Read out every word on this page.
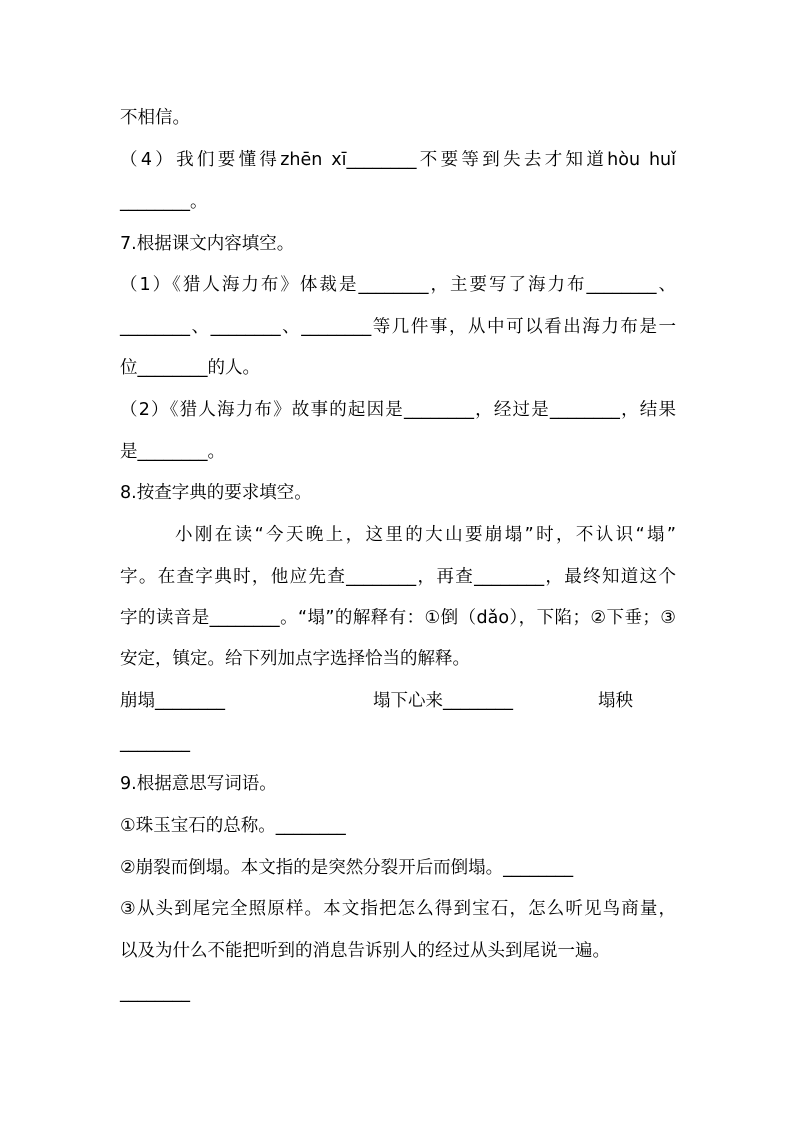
不相信。
（4）我们要懂得zhēn xī________不要等到失去才知道hòu huǐ
________。
7.根据课文内容填空。
（1）《猎人海力布》体裁是________，主要写了海力布________、
________、________、________等几件事，从中可以看出海力布是一
位________的人。
（2）《猎人海力布》故事的起因是________，经过是________，结果
是________。
8.按查字典的要求填空。
小刚在读“今天晚上，这里的大山要崩塌”时，不认识“塌”
字。在查字典时，他应先查________，再查________，最终知道这个
字的读音是________。“塌”的解释有：①倒（dǎo），下陷；②下垂；③
安定，镇定。给下列加点字选择恰当的解释。
崩塌________	塌下心来________	塌秧
________
9.根据意思写词语。
①珠玉宝石的总称。________
②崩裂而倒塌。本文指的是突然分裂开后而倒塌。________
③从头到尾完全照原样。本文指把怎么得到宝石，怎么听见鸟商量，
以及为什么不能把听到的消息告诉别人的经过从头到尾说一遍。
________
